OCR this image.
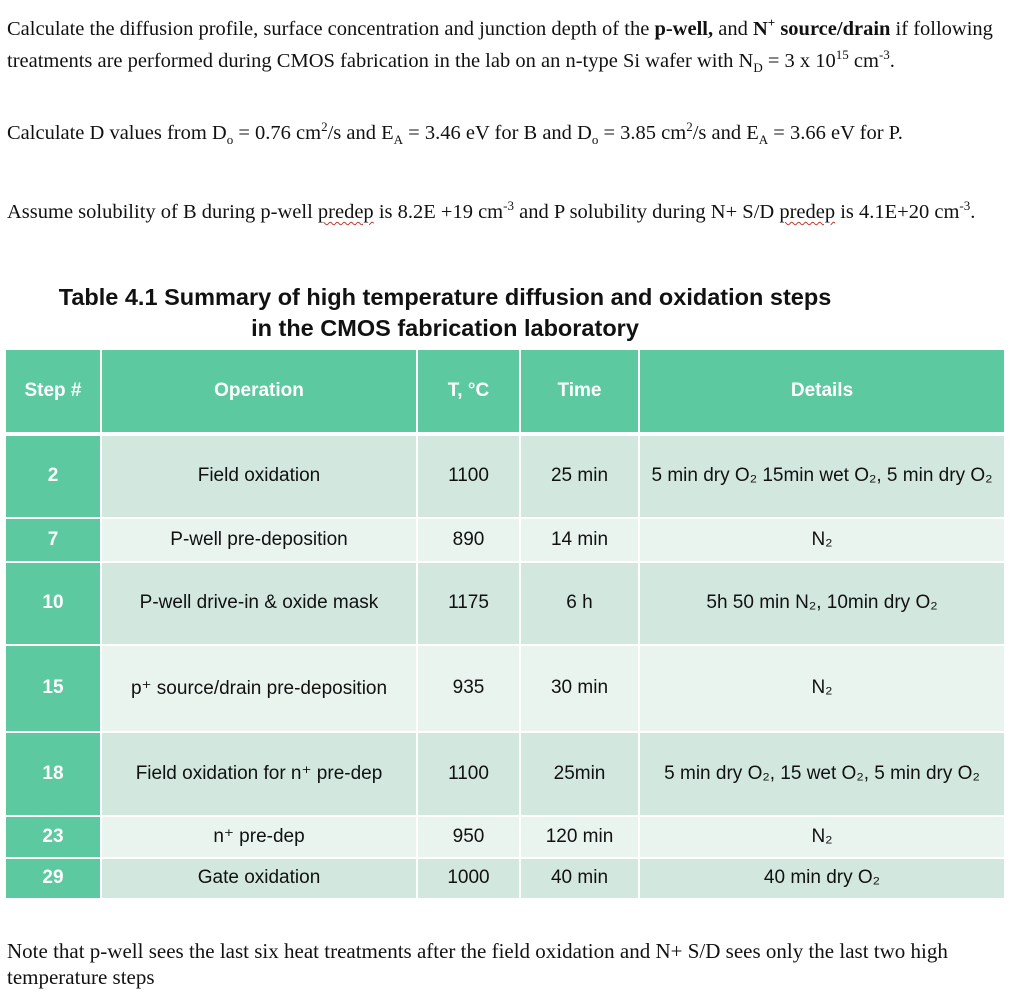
Calculate the diffusion profile, surface concentration and junction depth of the p-well, and N+ source/drain if following treatments are performed during CMOS fabrication in the lab on an n-type Si wafer with $N_D = 3$ x $10^{15}$ $cm^{-3}$.
Calculate D values from $D_o = 0.76$ $cm^2/s$ and $E_A = 3.46$ eV for B and $D_o = 3.85$ $cm^2/s$ and $E_A = 3.66$ eV for P.
Assume solubility of B during p-well predep is 8.2E +19 $cm^{-3}$ and P solubility during N+ S/D predep is 4.1E+20 $cm^{-3}$.
Table 4.1 Summary of high temperature diffusion and oxidation steps
in the CMOS fabrication laboratory
Step #	Operation	T, °C	Time	Details
2	Field oxidation	1100	25 min	5 min dry O₂ 15min wet O₂, 5 min dry O₂
7	P-well pre-deposition	890	14 min	N₂
10	P-well drive-in & oxide mask	1175	6 h	5h 50 min N₂, 10min dry O₂
15	p⁺ source/drain pre-deposition	935	30 min	N₂
18	Field oxidation for n⁺ pre-dep	1100	25min	5 min dry O₂, 15 wet O₂, 5 min dry O₂
23	n⁺ pre-dep	950	120 min	N₂
29	Gate oxidation	1000	40 min	40 min dry O₂
Note that p-well sees the last six heat treatments after the field oxidation and N+ S/D sees only the last two high temperature steps
